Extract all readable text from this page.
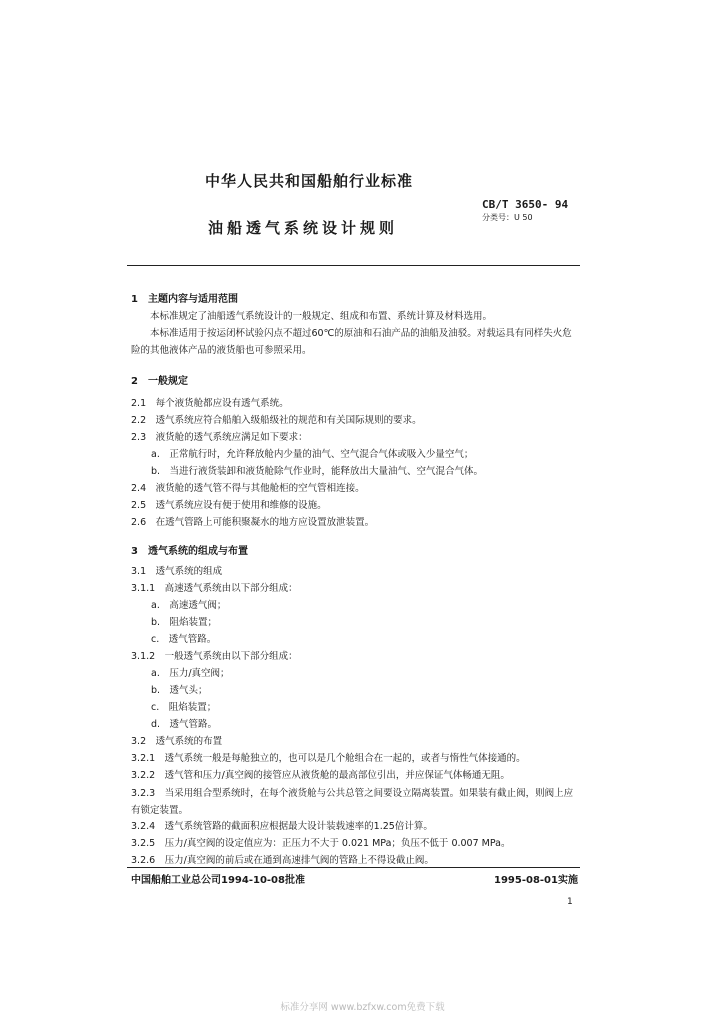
中华人民共和国船舶行业标准
CB/T 3650- 94
分类号：U 50
油船透气系统设计规则
1　主题内容与适用范围
本标准规定了油船透气系统设计的一般规定、组成和布置、系统计算及材料选用。
本标准适用于按运闭杯试验闪点不超过60℃的原油和石油产品的油船及油驳。对载运具有同样失火危险的其他液体产品的液货船也可参照采用。
2　一般规定
2.1　每个液货舱都应设有透气系统。
2.2　透气系统应符合船舶入级船级社的规范和有关国际规则的要求。
2.3　液货舱的透气系统应满足如下要求：
a.　正常航行时，允许释放舱内少量的油气、空气混合气体或吸入少量空气；
b.　当进行液货装卸和液货舱除气作业时，能释放出大量油气、空气混合气体。
2.4　液货舱的透气管不得与其他舱柜的空气管相连接。
2.5　透气系统应设有便于使用和维修的设施。
2.6　在透气管路上可能积聚凝水的地方应设置放泄装置。
3　透气系统的组成与布置
3.1　透气系统的组成
3.1.1　高速透气系统由以下部分组成：
a.　高速透气阀；
b.　阻焰装置；
c.　透气管路。
3.1.2　一般透气系统由以下部分组成：
a.　压力/真空阀；
b.　透气头；
c.　阻焰装置；
d.　透气管路。
3.2　透气系统的布置
3.2.1　透气系统一般是每舱独立的，也可以是几个舱组合在一起的，或者与惰性气体接通的。
3.2.2　透气管和压力/真空阀的接管应从液货舱的最高部位引出，并应保证气体畅通无阻。
3.2.3　当采用组合型系统时，在每个液货舱与公共总管之间要设立隔离装置。如果装有截止阀，则阀上应有锁定装置。
3.2.4　透气系统管路的截面积应根据最大设计装载速率的1.25倍计算。
3.2.5　压力/真空阀的设定值应为：正压力不大于 0.021 MPa；负压不低于 0.007 MPa。
3.2.6　压力/真空阀的前后或在通到高速排气阀的管路上不得设截止阀。
中国船舶工业总公司1994-10-08批准	1995-08-01实施
1
标准分享网 www.bzfxw.com免费下载
